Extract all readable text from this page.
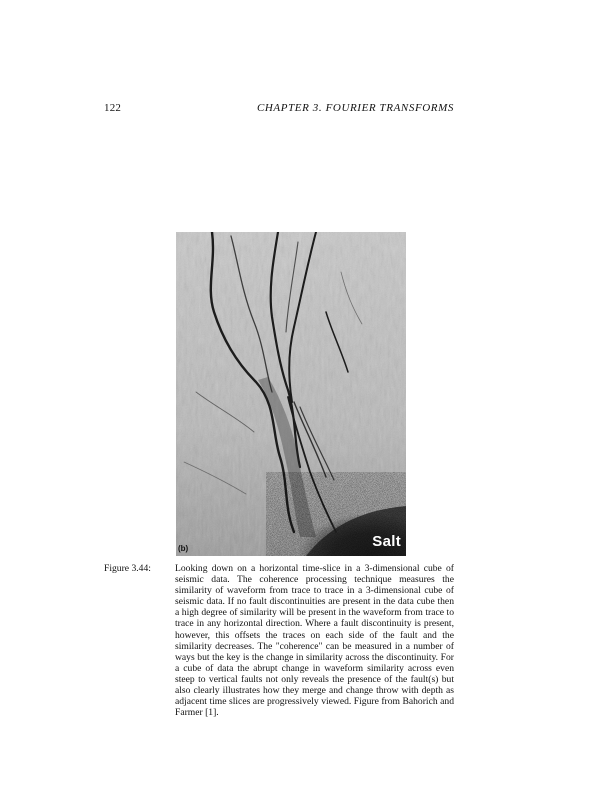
122	CHAPTER 3. FOURIER TRANSFORMS
(b)	Salt
Figure 3.44:	Looking down on a horizontal time-slice in a 3-dimensional cube of seismic data. The coherence processing technique measures the similarity of waveform from trace to trace in a 3-dimensional cube of seismic data. If no fault discontinuities are present in the data cube then a high degree of similarity will be present in the waveform from trace to trace in any horizontal direction. Where a fault discontinuity is present, however, this offsets the traces on each side of the fault and the similarity decreases. The "coherence" can be measured in a number of ways but the key is the change in similarity across the discontinuity. For a cube of data the abrupt change in waveform similarity across even steep to vertical faults not only reveals the presence of the fault(s) but also clearly illustrates how they merge and change throw with depth as adjacent time slices are progressively viewed. Figure from Bahorich and Farmer [1].
